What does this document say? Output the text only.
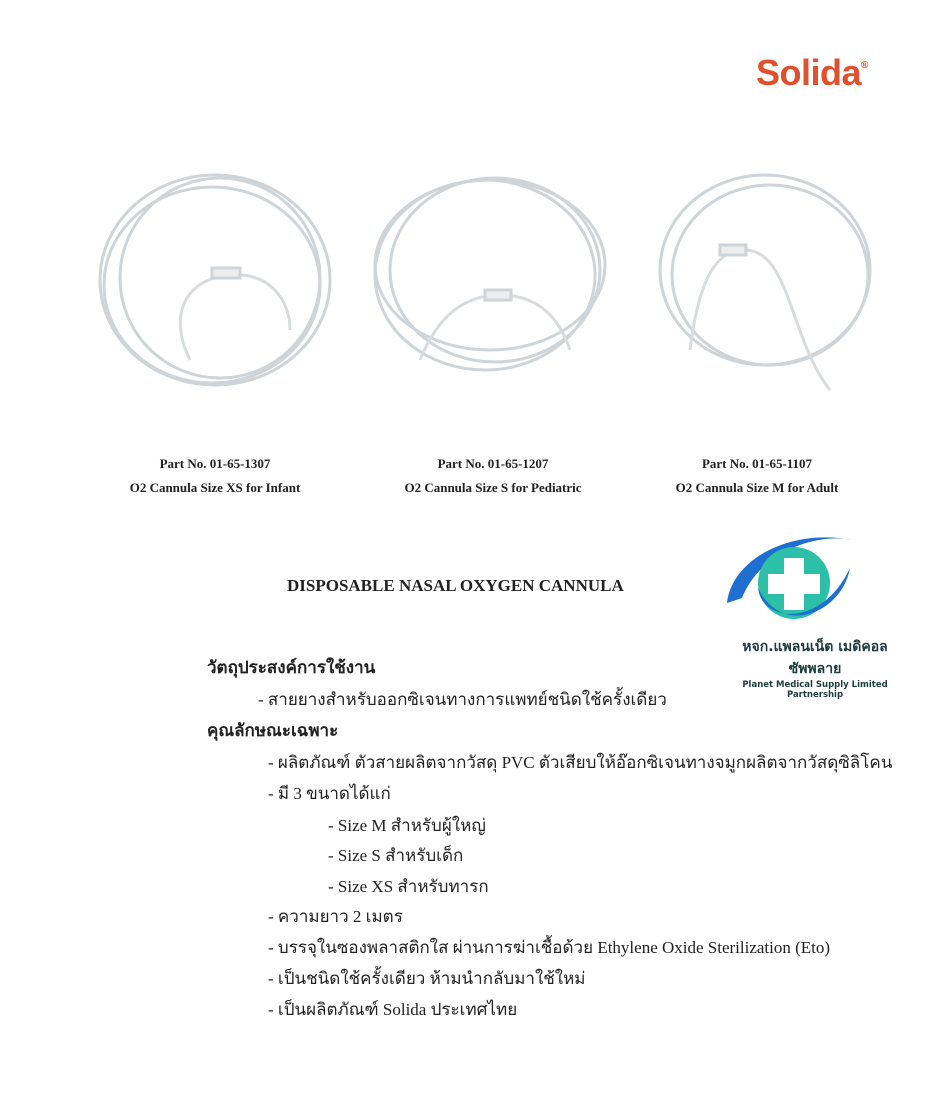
Solida®
Part No. 01-65-1307
O2 Cannula Size XS for Infant
Part No. 01-65-1207
O2 Cannula Size S for Pediatric
Part No. 01-65-1107
O2 Cannula Size M for Adult
DISPOSABLE NASAL OXYGEN CANNULA
หจก.แพลนเน็ต เมดิคอล ซัพพลาย
Planet Medical Supply Limited Partnership
วัตถุประสงค์การใช้งาน
- สายยางสำหรับออกซิเจนทางการแพทย์ชนิดใช้ครั้งเดียว
คุณลักษณะเฉพาะ
- ผลิตภัณฑ์ ตัวสายผลิตจากวัสดุ PVC ตัวเสียบให้อ๊อกซิเจนทางจมูกผลิตจากวัสดุซิลิโคน
- มี 3 ขนาดได้แก่
- Size M สำหรับผู้ใหญ่
- Size S สำหรับเด็ก
- Size XS สำหรับทารก
- ความยาว 2 เมตร
- บรรจุในซองพลาสติกใส ผ่านการฆ่าเชื้อด้วย Ethylene Oxide Sterilization (Eto)
- เป็นชนิดใช้ครั้งเดียว ห้ามนำกลับมาใช้ใหม่
- เป็นผลิตภัณฑ์ Solida ประเทศไทย
